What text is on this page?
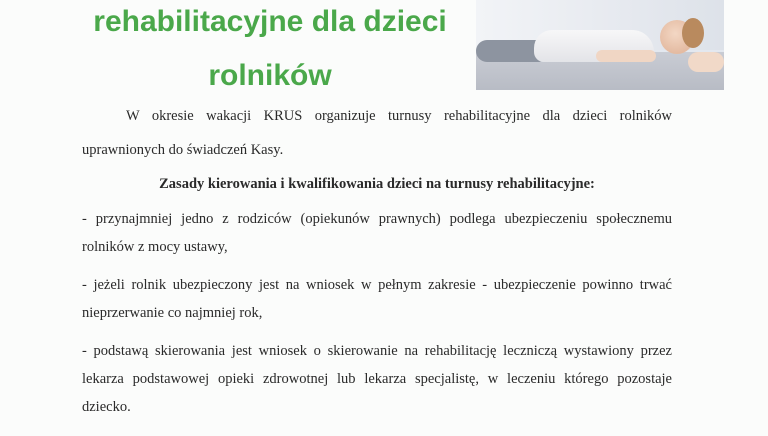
rehabilitacyjne dla dzieci
rolników
W okresie wakacji KRUS organizuje turnusy rehabilitacyjne dla dzieci rolników
uprawnionych do świadczeń Kasy.
Zasady kierowania i kwalifikowania dzieci na turnusy rehabilitacyjne:
- przynajmniej jedno z rodziców (opiekunów prawnych) podlega ubezpieczeniu społecznemu
rolników z mocy ustawy,
- jeżeli rolnik ubezpieczony jest na wniosek w pełnym zakresie - ubezpieczenie powinno trwać
nieprzerwanie co najmniej rok,
- podstawą skierowania jest wniosek o skierowanie na rehabilitację leczniczą wystawiony przez
lekarza podstawowej opieki zdrowotnej lub lekarza specjalistę, w leczeniu którego pozostaje
dziecko.
